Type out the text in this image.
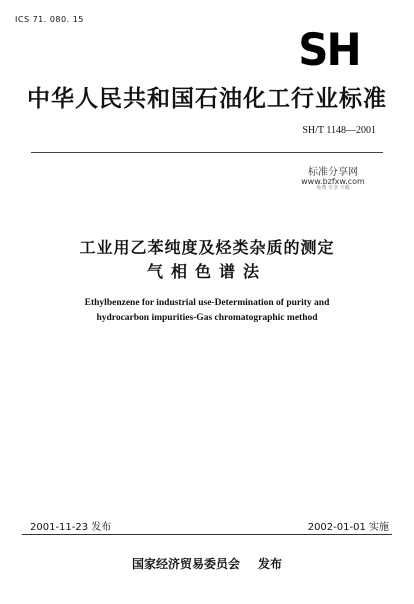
ICS 71. 080. 15
SH
中华人民共和国石油化工行业标准
SH/T 1148—2001
标准分享网
www.bzfxw.com
免费 专享 下载
工业用乙苯纯度及烃类杂质的测定
气相色谱法
Ethylbenzene for industrial use-Determination of purity and
hydrocarbon impurities-Gas chromatographic method
2001-11-23 发布	2002-01-01 实施
国家经济贸易委员会 发布
